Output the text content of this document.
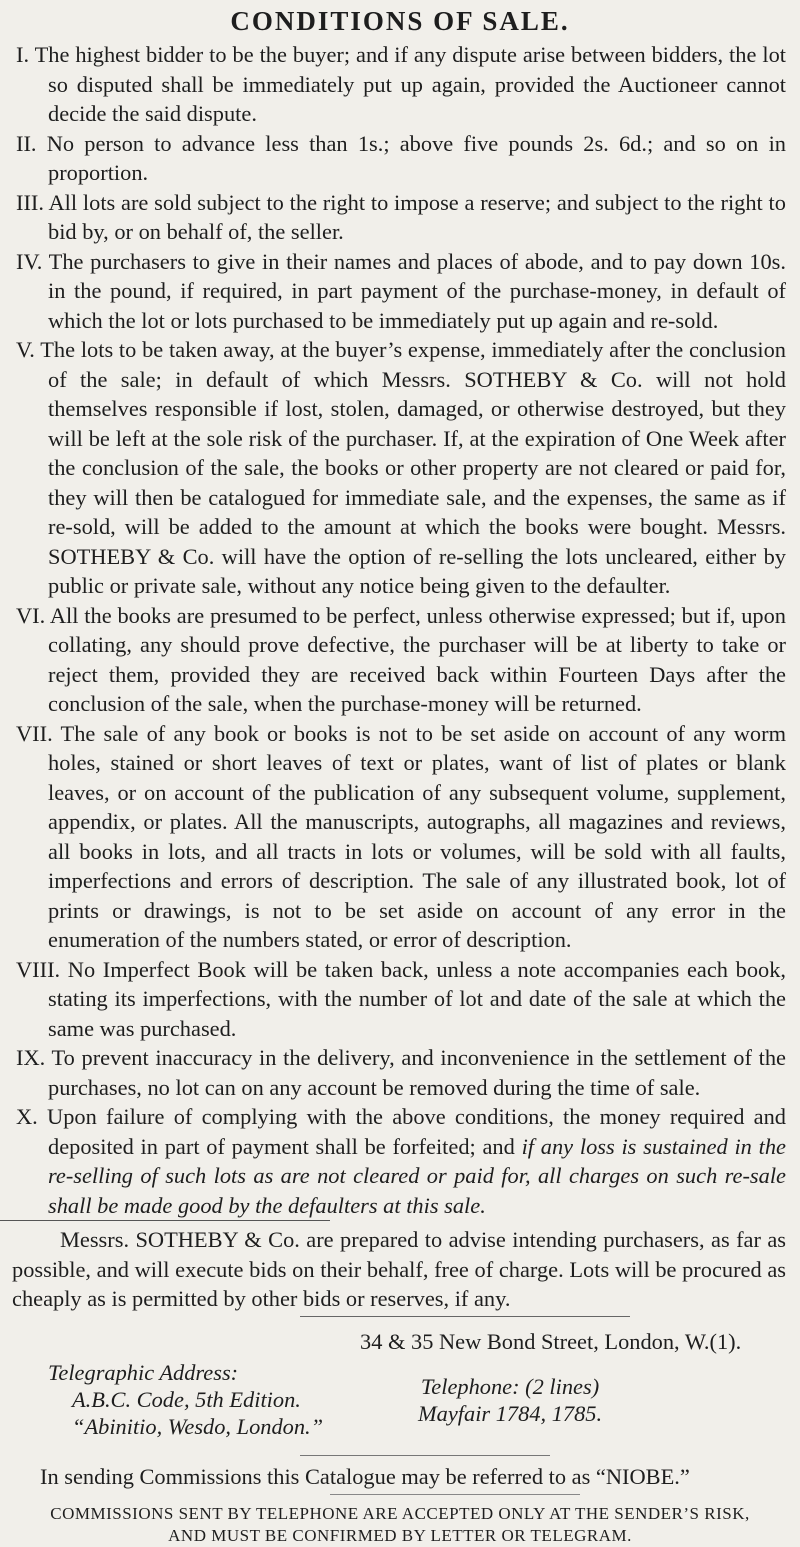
CONDITIONS OF SALE.
I. The highest bidder to be the buyer; and if any dispute arise between bidders, the lot so disputed shall be immediately put up again, provided the Auctioneer cannot decide the said dispute.
II. No person to advance less than 1s.; above five pounds 2s. 6d.; and so on in proportion.
III. All lots are sold subject to the right to impose a reserve; and subject to the right to bid by, or on behalf of, the seller.
IV. The purchasers to give in their names and places of abode, and to pay down 10s. in the pound, if required, in part payment of the purchase-money, in default of which the lot or lots purchased to be immediately put up again and re-sold.
V. The lots to be taken away, at the buyer’s expense, immediately after the conclusion of the sale; in default of which Messrs. SOTHEBY & Co. will not hold themselves responsible if lost, stolen, damaged, or otherwise destroyed, but they will be left at the sole risk of the purchaser. If, at the expiration of One Week after the conclusion of the sale, the books or other property are not cleared or paid for, they will then be catalogued for immediate sale, and the expenses, the same as if re-sold, will be added to the amount at which the books were bought. Messrs. SOTHEBY & Co. will have the option of re-selling the lots uncleared, either by public or private sale, without any notice being given to the defaulter.
VI. All the books are presumed to be perfect, unless otherwise expressed; but if, upon collating, any should prove defective, the purchaser will be at liberty to take or reject them, provided they are received back within Fourteen Days after the conclusion of the sale, when the purchase-money will be returned.
VII. The sale of any book or books is not to be set aside on account of any worm holes, stained or short leaves of text or plates, want of list of plates or blank leaves, or on account of the publication of any subsequent volume, supplement, appendix, or plates. All the manuscripts, autographs, all magazines and reviews, all books in lots, and all tracts in lots or volumes, will be sold with all faults, imperfections and errors of description. The sale of any illustrated book, lot of prints or drawings, is not to be set aside on account of any error in the enumeration of the numbers stated, or error of description.
VIII. No Imperfect Book will be taken back, unless a note accompanies each book, stating its imperfections, with the number of lot and date of the sale at which the same was purchased.
IX. To prevent inaccuracy in the delivery, and inconvenience in the settlement of the purchases, no lot can on any account be removed during the time of sale.
X. Upon failure of complying with the above conditions, the money required and deposited in part of payment shall be forfeited; and if any loss is sustained in the re-selling of such lots as are not cleared or paid for, all charges on such re-sale shall be made good by the defaulters at this sale.

Messrs. SOTHEBY & Co. are prepared to advise intending purchasers, as far as possible, and will execute bids on their behalf, free of charge. Lots will be procured as cheaply as is permitted by other bids or reserves, if any.

34 & 35 New Bond Street, London, W.(1).
Telegraphic Address:
A.B.C. Code, 5th Edition.
“Abinitio, Wesdo, London.”
Telephone: (2 lines)
Mayfair 1784, 1785.
In sending Commissions this Catalogue may be referred to as “NIOBE.”
COMMISSIONS SENT BY TELEPHONE ARE ACCEPTED ONLY AT THE SENDER’S RISK,
AND MUST BE CONFIRMED BY LETTER OR TELEGRAM.
